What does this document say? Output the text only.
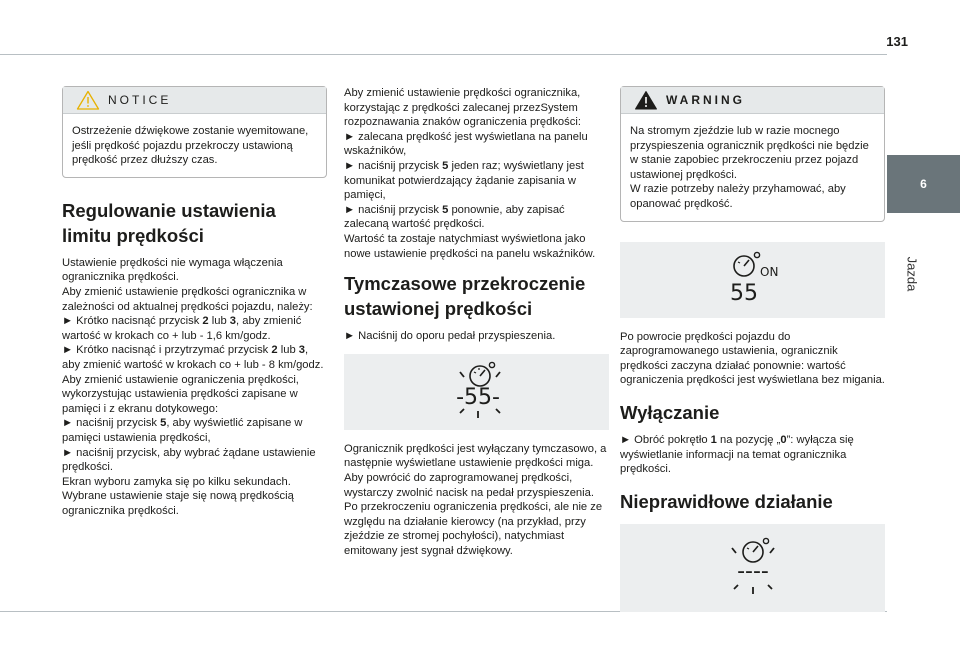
131
6
Jazda
NOTICE

Ostrzeżenie dźwiękowe zostanie wyemitowane, jeśli prędkość pojazdu przekroczy ustawioną prędkość przez dłuższy czas.

Regulowanie ustawienia limitu prędkości

Ustawienie prędkości nie wymaga włączenia ogranicznika prędkości.

Aby zmienić ustawienie prędkości ogranicznika w zależności od aktualnej prędkości pojazdu, należy:

► Krótko nacisnąć przycisk 2 lub 3, aby zmienić wartość w krokach co + lub - 1,6 km/godz.

► Krótko nacisnąć i przytrzymać przycisk 2 lub 3, aby zmienić wartość w krokach co + lub - 8 km/godz.

Aby zmienić ustawienie ograniczenia prędkości, wykorzystując ustawienia prędkości zapisane w pamięci i z ekranu dotykowego:

► naciśnij przycisk 5, aby wyświetlić zapisane w pamięci ustawienia prędkości,

► naciśnij przycisk, aby wybrać żądane ustawienie prędkości.

Ekran wyboru zamyka się po kilku sekundach.

Wybrane ustawienie staje się nową prędkością ogranicznika prędkości.

Aby zmienić ustawienie prędkości ogranicznika, korzystając z prędkości zalecanej przezSystem rozpoznawania znaków ograniczenia prędkości:

► zalecana prędkość jest wyświetlana na panelu wskaźników,

► naciśnij przycisk 5 jeden raz; wyświetlany jest komunikat potwierdzający żądanie zapisania w pamięci,

► naciśnij przycisk 5 ponownie, aby zapisać zalecaną wartość prędkości.

Wartość ta zostaje natychmiast wyświetlona jako nowe ustawienie prędkości na panelu wskaźników.

Tymczasowe przekroczenie ustawionej prędkości

► Naciśnij do oporu pedał przyspieszenia.

-55-

Ogranicznik prędkości jest wyłączany tymczasowo, a następnie wyświetlane ustawienie prędkości miga.

Aby powrócić do zaprogramowanej prędkości, wystarczy zwolnić nacisk na pedał przyspieszenia.

Po przekroczeniu ograniczenia prędkości, ale nie ze względu na działanie kierowcy (na przykład, przy zjeździe ze stromej pochyłości), natychmiast emitowany jest sygnał dźwiękowy.

WARNING

Na stromym zjeździe lub w razie mocnego przyspieszenia ogranicznik prędkości nie będzie w stanie zapobiec przekroczeniu przez pojazd ustawionej prędkości.

W razie potrzeby należy przyhamować, aby opanować prędkość.

ON
55

Po powrocie prędkości pojazdu do zaprogramowanego ustawienia, ogranicznik prędkości zaczyna działać ponownie: wartość ograniczenia prędkości jest wyświetlana bez migania.

Wyłączanie

► Obróć pokrętło 1 na pozycję „0”: wyłącza się wyświetlanie informacji na temat ogranicznika prędkości.

Nieprawidłowe działanie
----
